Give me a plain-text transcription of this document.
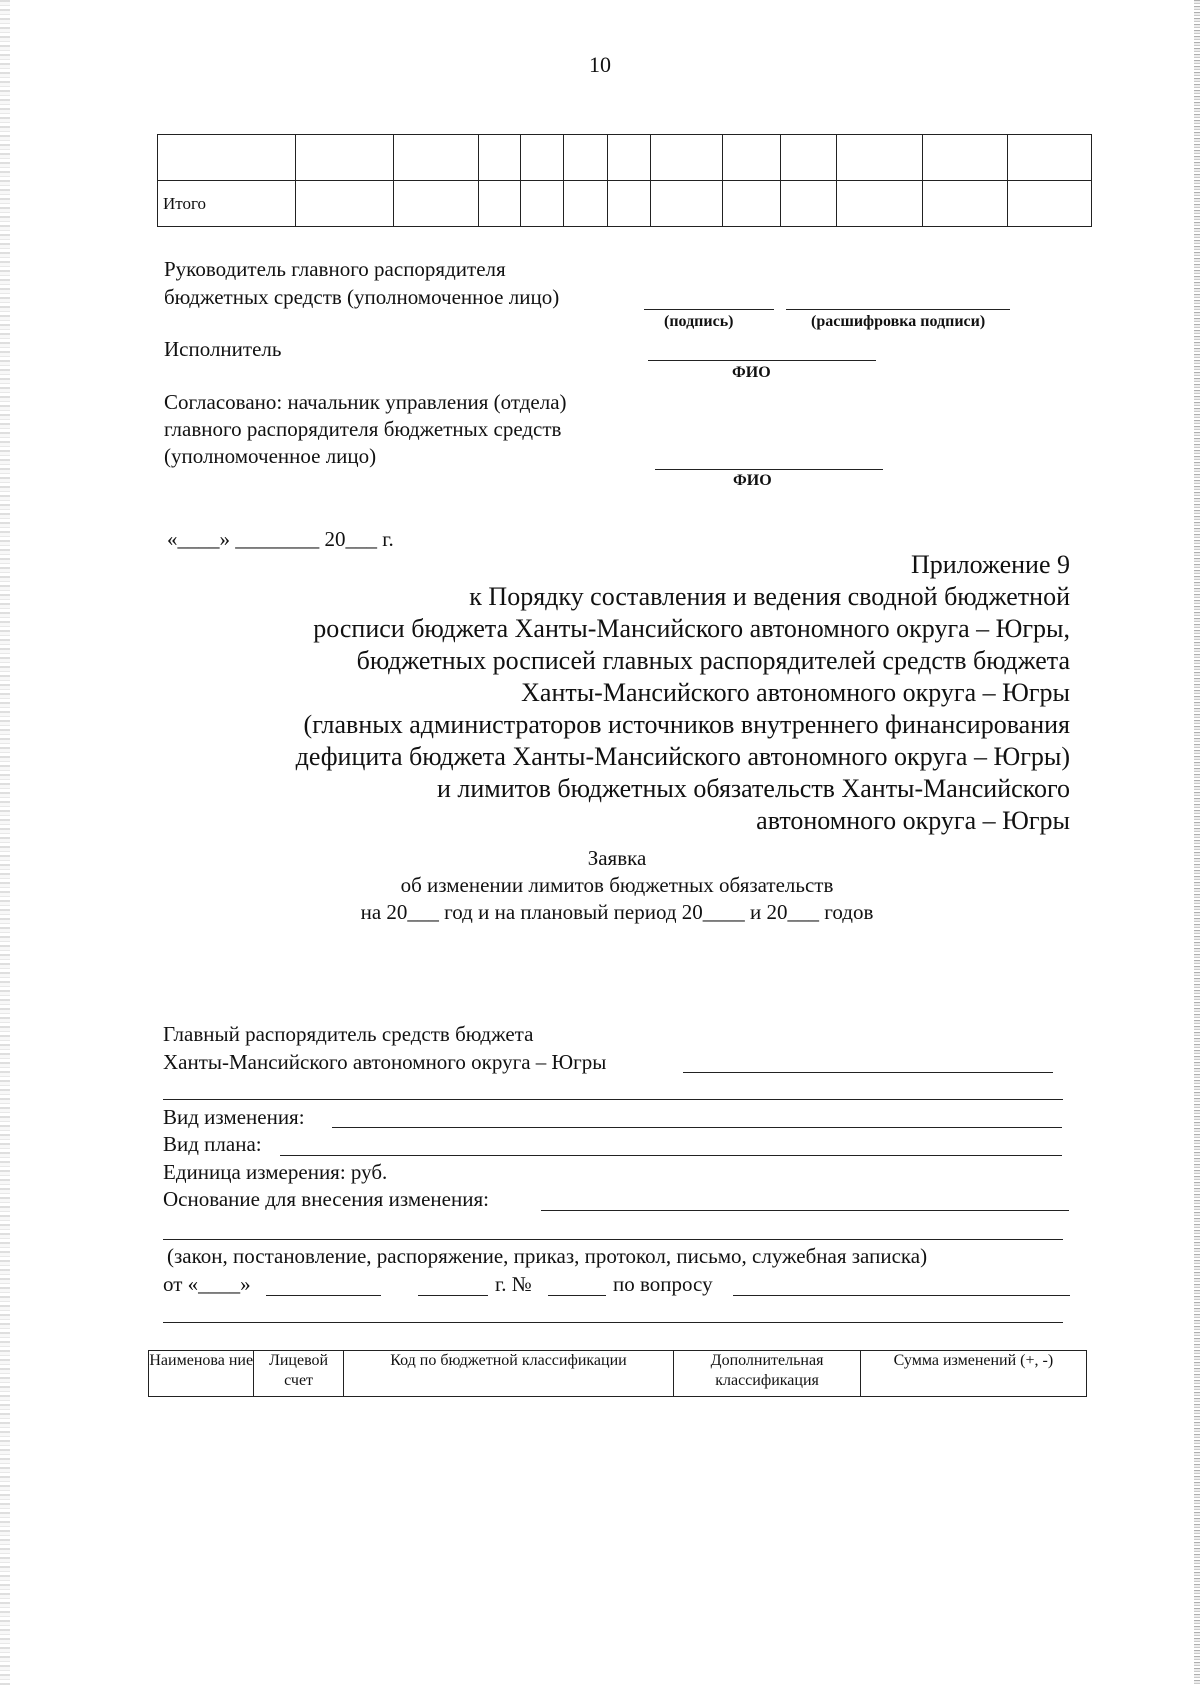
10

Итого												
Руководитель главного распорядителя
бюджетных средств (уполномоченное лицо)
(подпись)	(расшифровка подписи)
Исполнитель
ФИО
Согласовано: начальник управления (отдела)
главного распорядителя бюджетных средств
(уполномоченное лицо)
ФИО
«____» ________ 20___ г.
Приложение 9
к Порядку составления и ведения сводной бюджетной
росписи бюджета Ханты-Мансийского автономного округа – Югры,
бюджетных росписей главных распорядителей средств бюджета
Ханты-Мансийского автономного округа – Югры
(главных администраторов источников внутреннего финансирования
дефицита бюджета Ханты-Мансийского автономного округа – Югры)
и лимитов бюджетных обязательств Ханты-Мансийского
автономного округа – Югры
Заявка
об изменении лимитов бюджетных обязательств
на 20___ год и на плановый период 20____ и 20___ годов
Главный распорядитель средств бюджета
Ханты-Мансийского автономного округа – Югры
Вид изменения:
Вид плана:
Единица измерения: руб.
Основание для внесения изменения:
(закон, постановление, распоряжение, приказ, протокол, письмо, служебная записка)
от «____»	г. №	по вопросу
Наименова ние	Лицевой счет	Код по бюджетной классификации	Дополнительная классификация	Сумма изменений (+, -)
